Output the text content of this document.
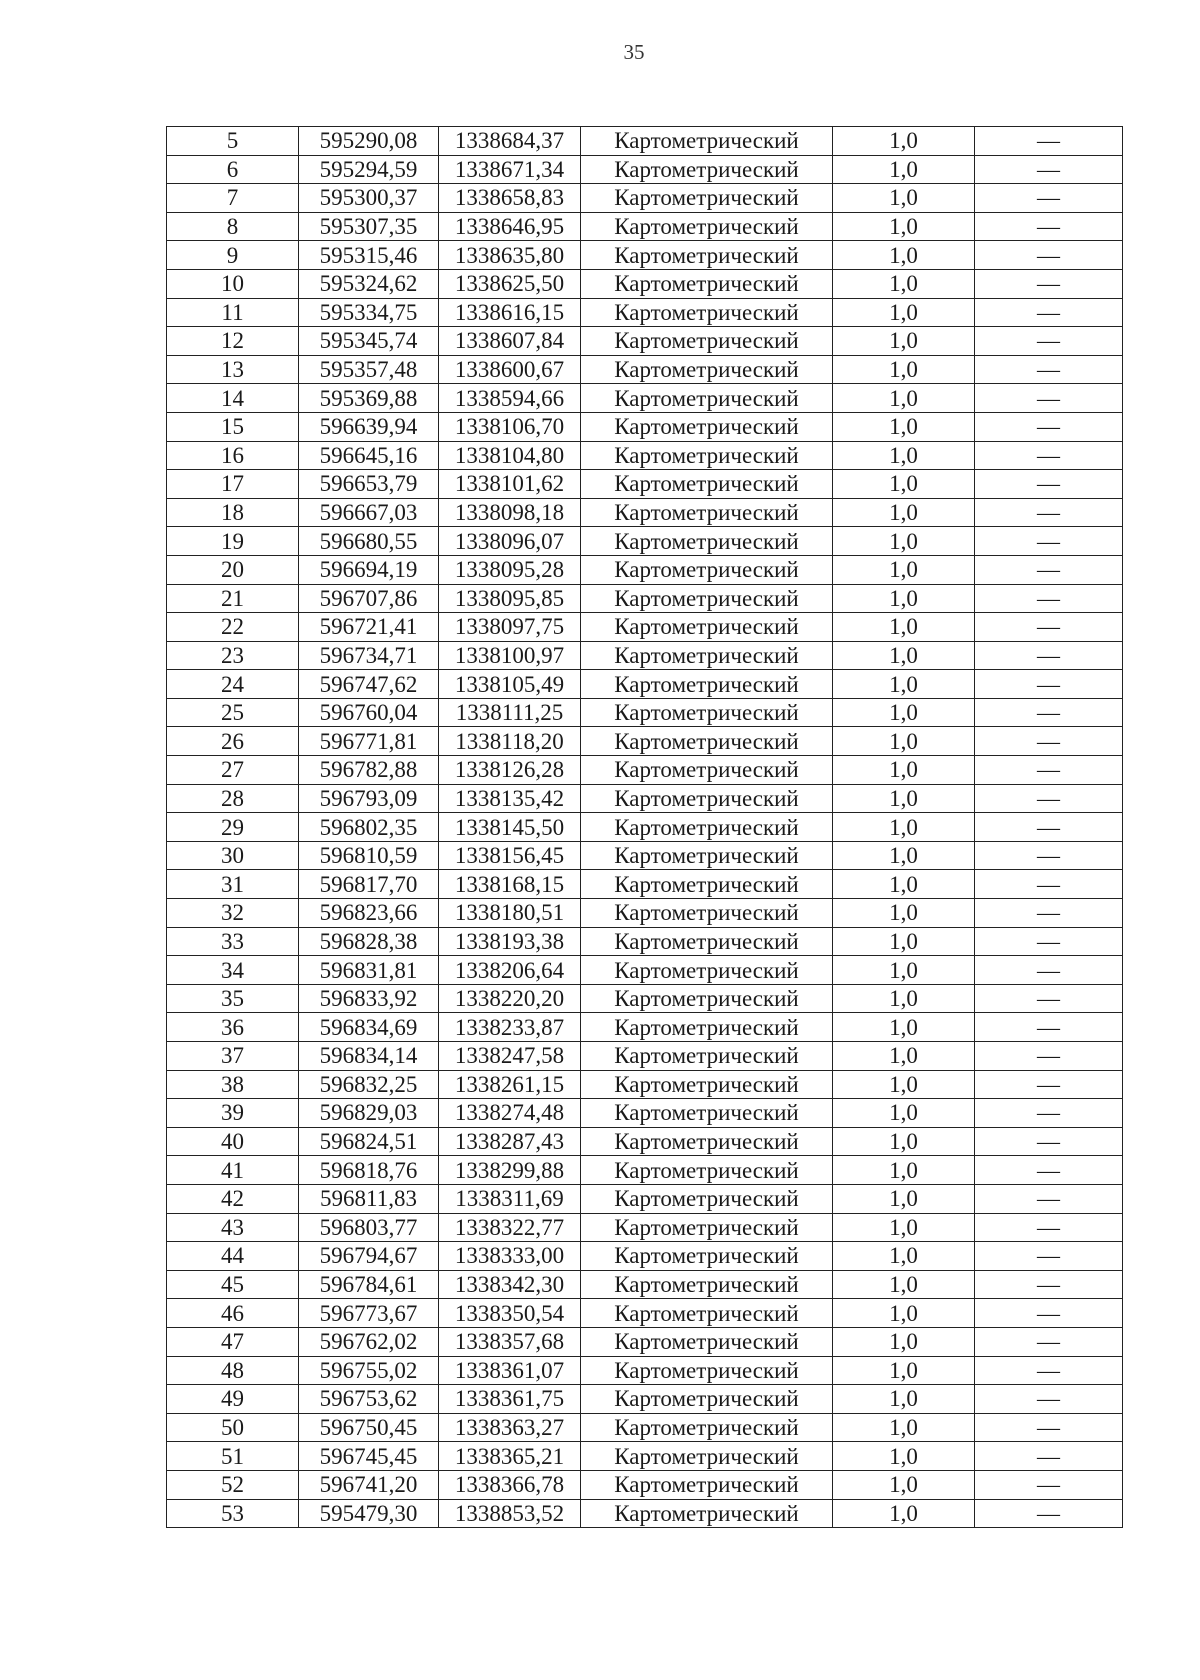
35
5	595290,08	1338684,37	Картометрический	1,0	—
6	595294,59	1338671,34	Картометрический	1,0	—
7	595300,37	1338658,83	Картометрический	1,0	—
8	595307,35	1338646,95	Картометрический	1,0	—
9	595315,46	1338635,80	Картометрический	1,0	—
10	595324,62	1338625,50	Картометрический	1,0	—
11	595334,75	1338616,15	Картометрический	1,0	—
12	595345,74	1338607,84	Картометрический	1,0	—
13	595357,48	1338600,67	Картометрический	1,0	—
14	595369,88	1338594,66	Картометрический	1,0	—
15	596639,94	1338106,70	Картометрический	1,0	—
16	596645,16	1338104,80	Картометрический	1,0	—
17	596653,79	1338101,62	Картометрический	1,0	—
18	596667,03	1338098,18	Картометрический	1,0	—
19	596680,55	1338096,07	Картометрический	1,0	—
20	596694,19	1338095,28	Картометрический	1,0	—
21	596707,86	1338095,85	Картометрический	1,0	—
22	596721,41	1338097,75	Картометрический	1,0	—
23	596734,71	1338100,97	Картометрический	1,0	—
24	596747,62	1338105,49	Картометрический	1,0	—
25	596760,04	1338111,25	Картометрический	1,0	—
26	596771,81	1338118,20	Картометрический	1,0	—
27	596782,88	1338126,28	Картометрический	1,0	—
28	596793,09	1338135,42	Картометрический	1,0	—
29	596802,35	1338145,50	Картометрический	1,0	—
30	596810,59	1338156,45	Картометрический	1,0	—
31	596817,70	1338168,15	Картометрический	1,0	—
32	596823,66	1338180,51	Картометрический	1,0	—
33	596828,38	1338193,38	Картометрический	1,0	—
34	596831,81	1338206,64	Картометрический	1,0	—
35	596833,92	1338220,20	Картометрический	1,0	—
36	596834,69	1338233,87	Картометрический	1,0	—
37	596834,14	1338247,58	Картометрический	1,0	—
38	596832,25	1338261,15	Картометрический	1,0	—
39	596829,03	1338274,48	Картометрический	1,0	—
40	596824,51	1338287,43	Картометрический	1,0	—
41	596818,76	1338299,88	Картометрический	1,0	—
42	596811,83	1338311,69	Картометрический	1,0	—
43	596803,77	1338322,77	Картометрический	1,0	—
44	596794,67	1338333,00	Картометрический	1,0	—
45	596784,61	1338342,30	Картометрический	1,0	—
46	596773,67	1338350,54	Картометрический	1,0	—
47	596762,02	1338357,68	Картометрический	1,0	—
48	596755,02	1338361,07	Картометрический	1,0	—
49	596753,62	1338361,75	Картометрический	1,0	—
50	596750,45	1338363,27	Картометрический	1,0	—
51	596745,45	1338365,21	Картометрический	1,0	—
52	596741,20	1338366,78	Картометрический	1,0	—
53	595479,30	1338853,52	Картометрический	1,0	—
